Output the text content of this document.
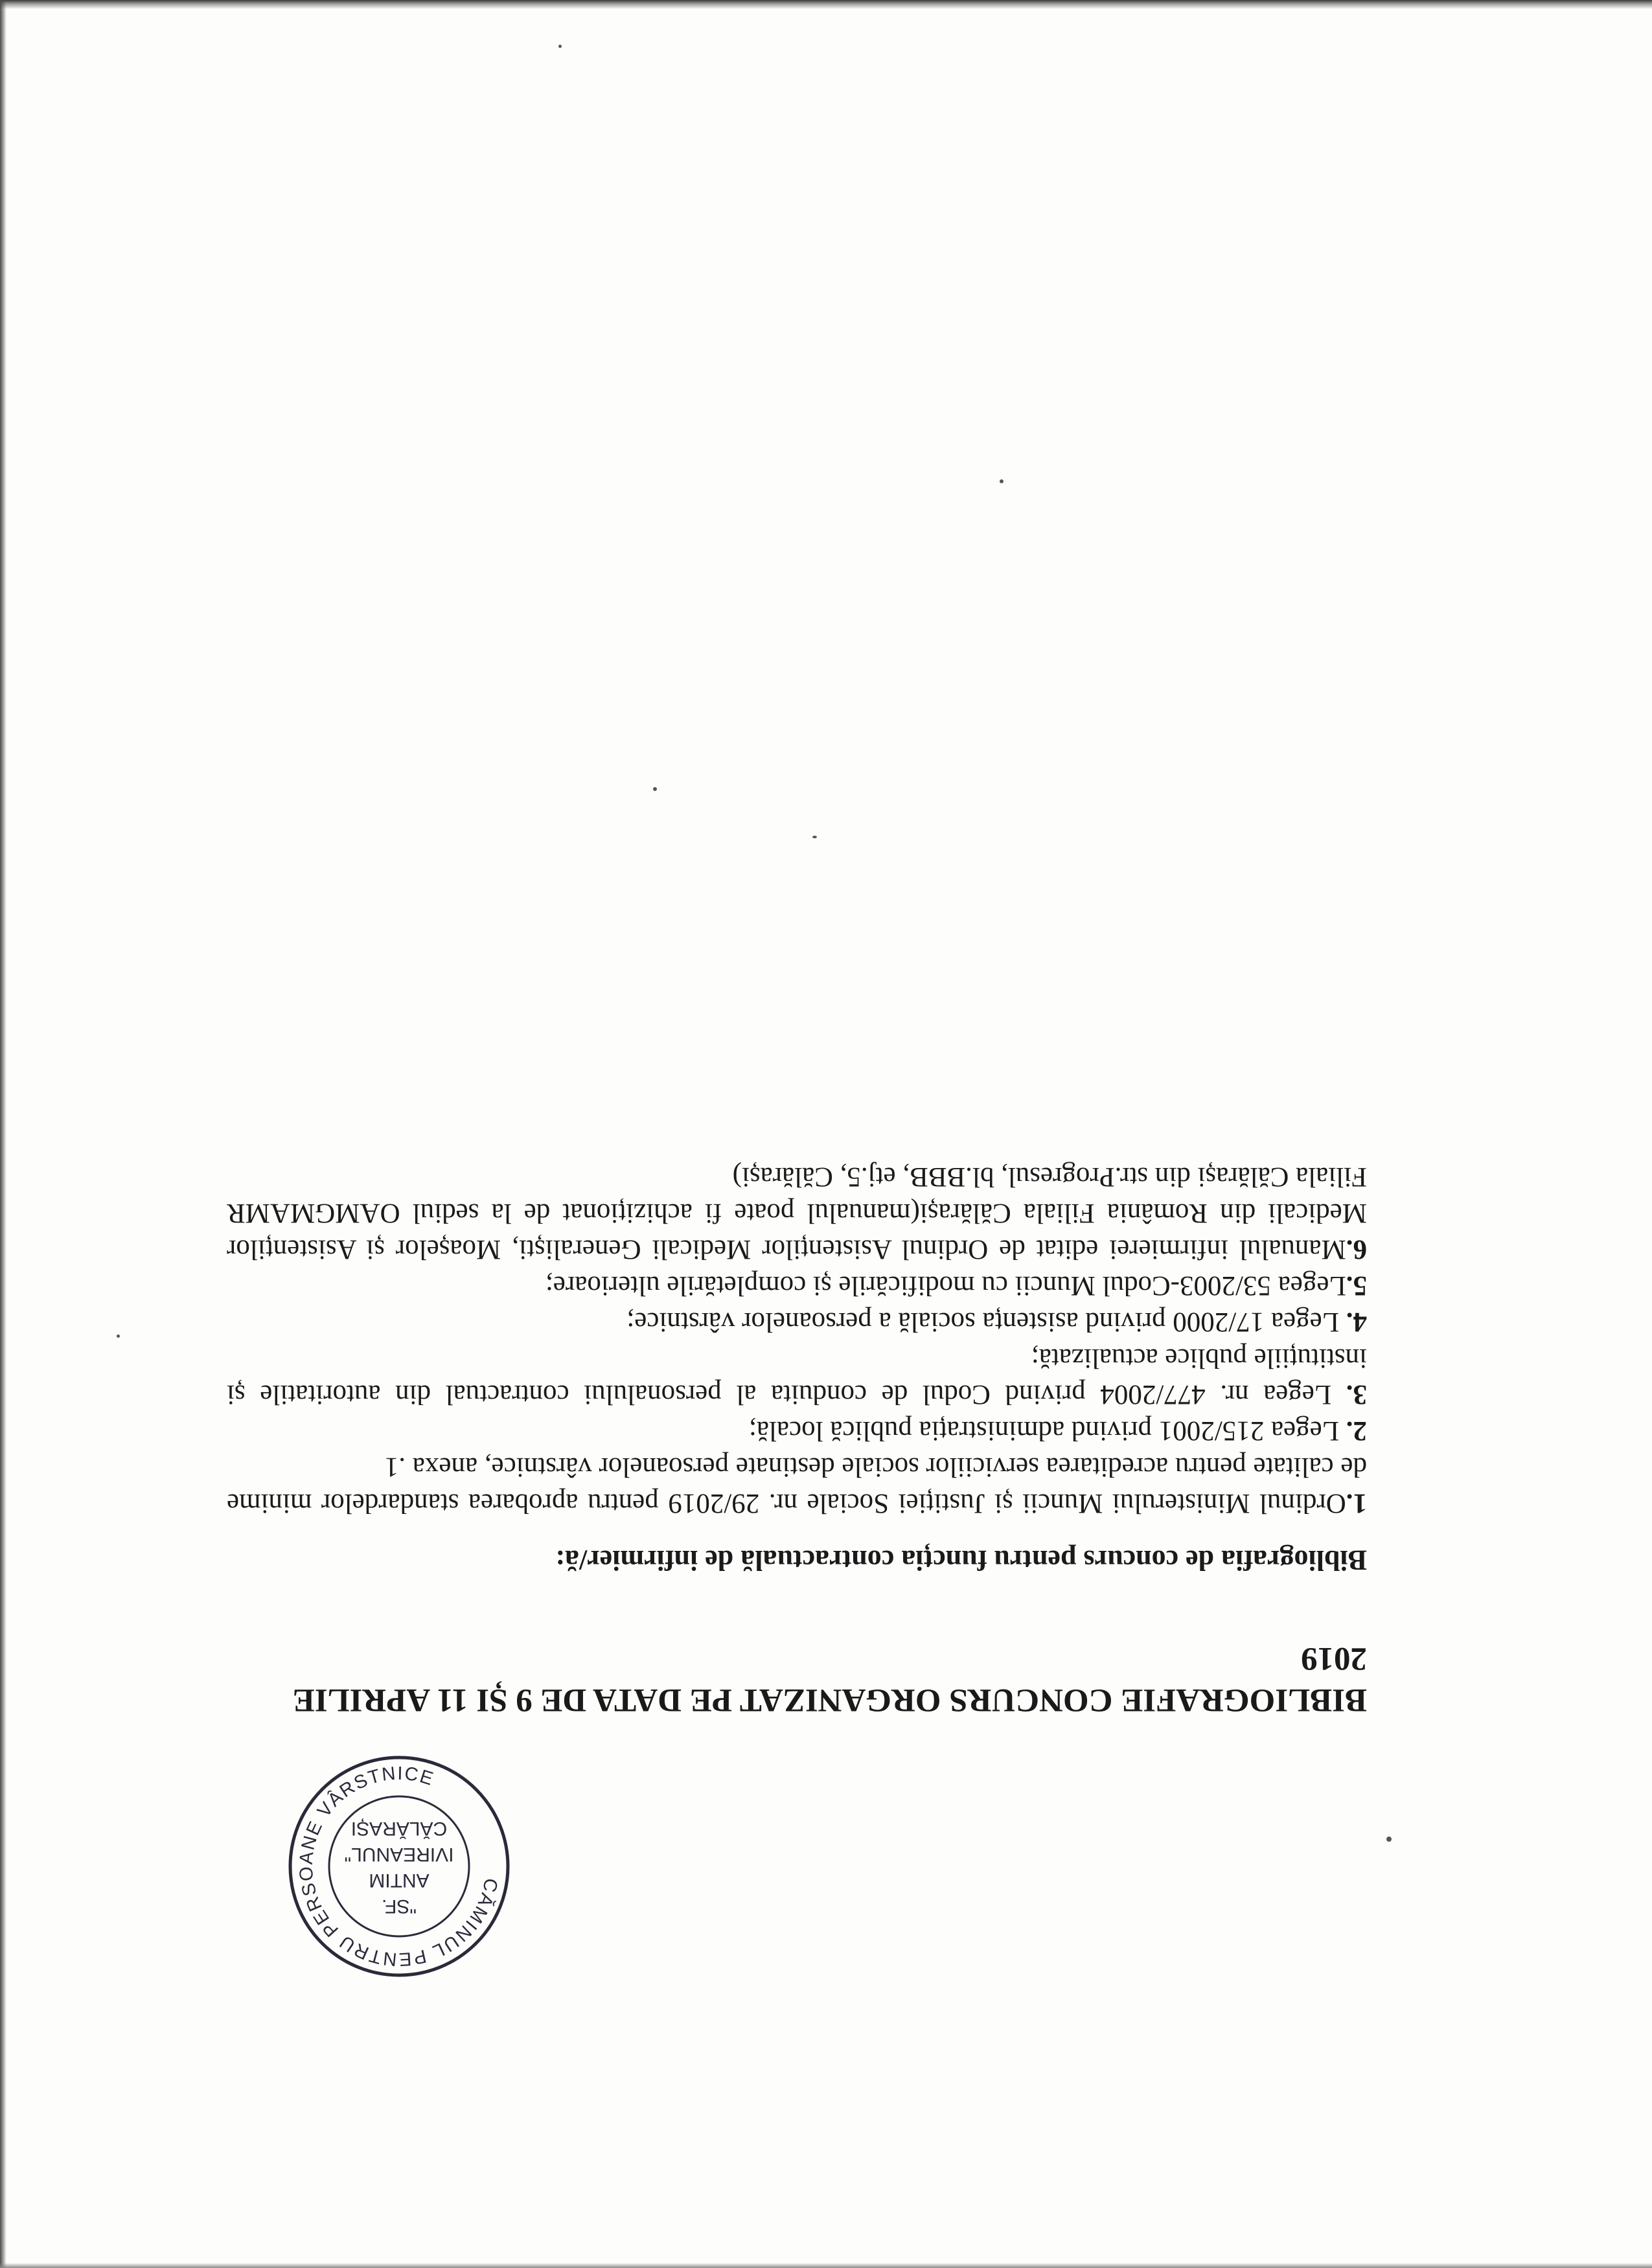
CĂMINUL PENTRU PERSOANE VÂRSTNICE
"SF.
ANTIM
IVIREANUL"
CĂLĂRAȘI
BIBLIOGRAFIE CONCURS ORGANIZAT PE DATA DE 9 ȘI 11 APRILIE 2019
Bibliografia de concurs pentru funcția contractuală de infirmier/ă:
1.Ordinul Ministerului Muncii și Justiției Sociale nr. 29/2019 pentru aprobarea standardelor minime de calitate pentru acreditarea serviciilor sociale destinate persoanelor vârstnice, anexa .1
2. Legea 215/2001 privind administrația publică locală;
3. Legea nr. 477/2004 privind Codul de conduita al personalului contractual din autoritatile și instituțiile publice actualizată;
4. Legea 17/2000 privind asistența socială a persoanelor vârstnice;
5.Legea 53/2003-Codul Muncii cu modificările și completările ulterioare;
6.Manualul infirmierei editat de Ordinul Asistenților Medicali Generaliști, Moașelor și Asistenților Medicali din România Filiala Călărași(manualul poate fi achiziționat de la sediul OAMGMAMR Filiala Călărași din str.Progresul, bl.BBB, etj.5, Călărași)
